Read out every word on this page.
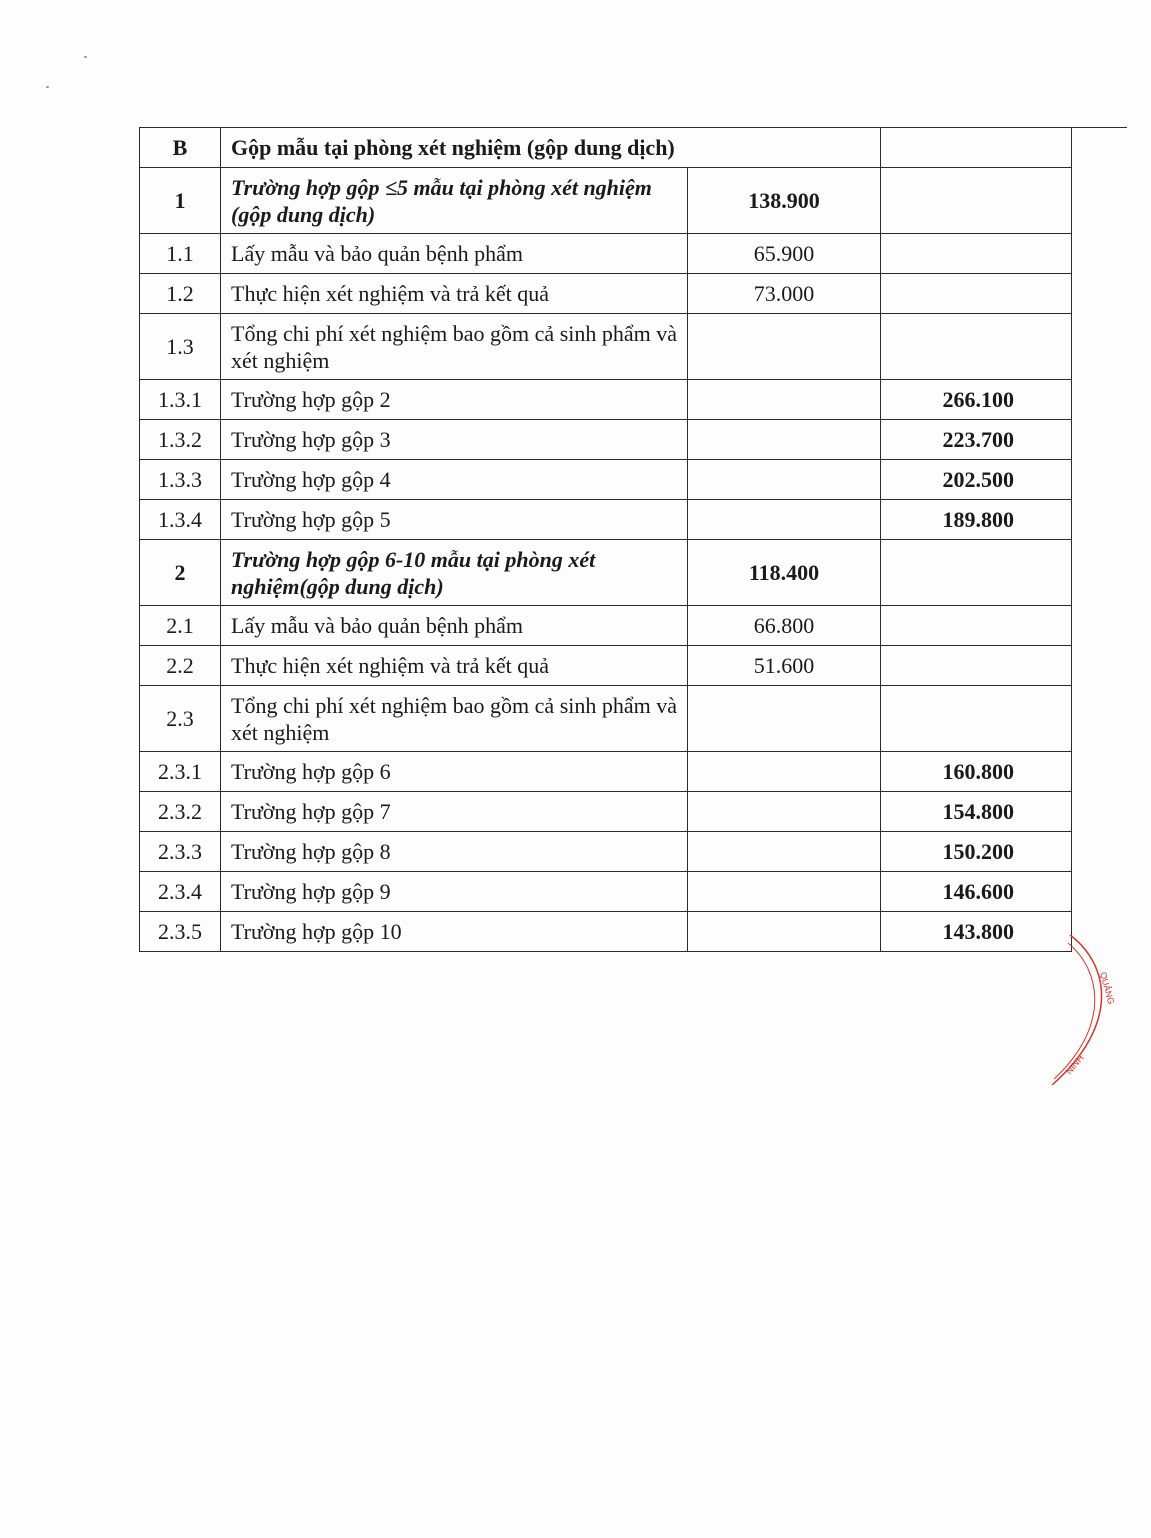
B	Gộp mẫu tại phòng xét nghiệm (gộp dung dịch)			
1	Trường hợp gộp ≤5 mẫu tại phòng xét nghiệm (gộp dung dịch)	138.900		
1.1	Lấy mẫu và bảo quản bệnh phẩm	65.900		
1.2	Thực hiện xét nghiệm và trả kết quả	73.000		
1.3	Tổng chi phí xét nghiệm bao gồm cả sinh phẩm và xét nghiệm			
1.3.1	Trường hợp gộp 2		266.100	
1.3.2	Trường hợp gộp 3		223.700	
1.3.3	Trường hợp gộp 4		202.500	
1.3.4	Trường hợp gộp 5		189.800	
2	Trường hợp gộp 6-10 mẫu tại phòng xét nghiệm(gộp dung dịch)	118.400		
2.1	Lấy mẫu và bảo quản bệnh phẩm	66.800		
2.2	Thực hiện xét nghiệm và trả kết quả	51.600		
2.3	Tổng chi phí xét nghiệm bao gồm cả sinh phẩm và xét nghiệm			
2.3.1	Trường hợp gộp 6		160.800	
2.3.2	Trường hợp gộp 7		154.800	
2.3.3	Trường hợp gộp 8		150.200	
2.3.4	Trường hợp gộp 9		146.600	
2.3.5	Trường hợp gộp 10		143.800	
QUẢNG
NINH
